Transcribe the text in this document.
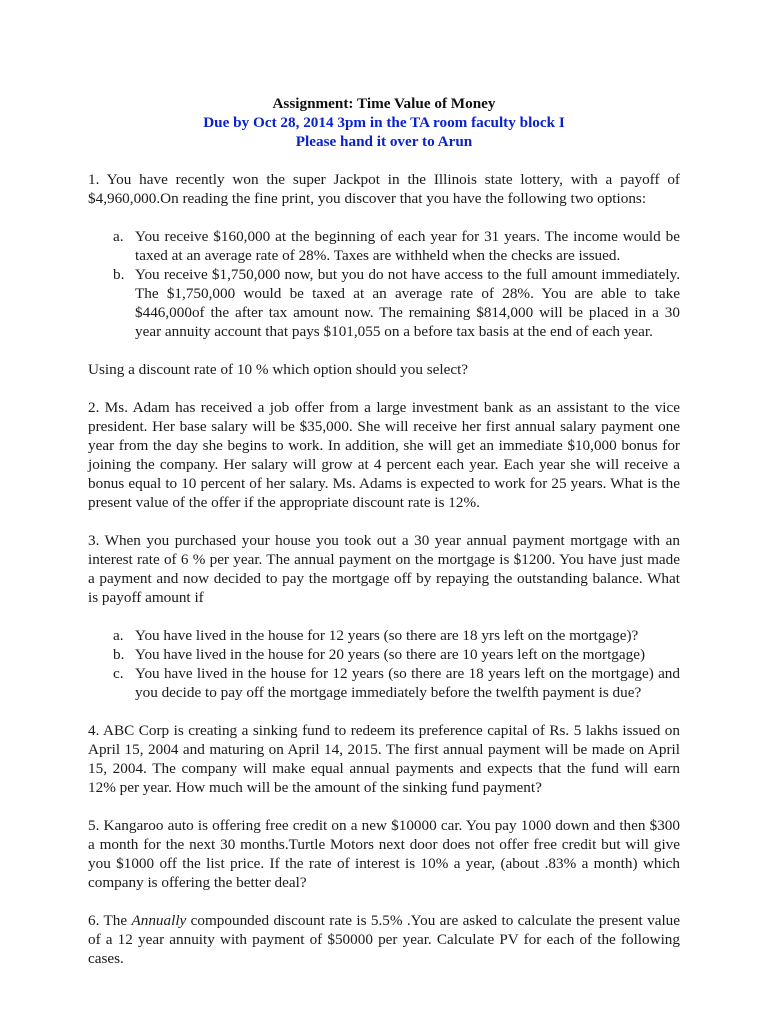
Assignment: Time Value of Money
Due by Oct 28, 2014 3pm in the TA room faculty block I
Please hand it over to Arun

1. You have recently won the super Jackpot in the Illinois state lottery, with a payoff of $4,960,000.On reading the fine print, you discover that you have the following two options:

a. You receive $160,000 at the beginning of each year for 31 years. The income would be taxed at an average rate of 28%. Taxes are withheld when the checks are issued.
b. You receive $1,750,000 now, but you do not have access to the full amount immediately. The $1,750,000 would be taxed at an average rate of 28%. You are able to take $446,000of the after tax amount now. The remaining $814,000 will be placed in a 30 year annuity account that pays $101,055 on a before tax basis at the end of each year.

Using a discount rate of 10 % which option should you select?

2. Ms. Adam has received a job offer from a large investment bank as an assistant to the vice president. Her base salary will be $35,000. She will receive her first annual salary payment one year from the day she begins to work. In addition, she will get an immediate $10,000 bonus for joining the company. Her salary will grow at 4 percent each year. Each year she will receive a bonus equal to 10 percent of her salary. Ms. Adams is expected to work for 25 years. What is the present value of the offer if the appropriate discount rate is 12%.

3. When you purchased your house you took out a 30 year annual payment mortgage with an interest rate of 6 % per year. The annual payment on the mortgage is $1200. You have just made a payment and now decided to pay the mortgage off by repaying the outstanding balance. What is payoff amount if

a. You have lived in the house for 12 years (so there are 18 yrs left on the mortgage)?
b. You have lived in the house for 20 years (so there are 10 years left on the mortgage)
c. You have lived in the house for 12 years (so there are 18 years left on the mortgage) and you decide to pay off the mortgage immediately before the twelfth payment is due?

4. ABC Corp is creating a sinking fund to redeem its preference capital of Rs. 5 lakhs issued on April 15, 2004 and maturing on April 14, 2015. The first annual payment will be made on April 15, 2004. The company will make equal annual payments and expects that the fund will earn 12% per year. How much will be the amount of the sinking fund payment?

5. Kangaroo auto is offering free credit on a new $10000 car. You pay 1000 down and then $300 a month for the next 30 months.Turtle Motors next door does not offer free credit but will give you $1000 off the list price. If the rate of interest is 10% a year, (about .83% a month) which company is offering the better deal?

6. The Annually compounded discount rate is 5.5% .You are asked to calculate the present value of a 12 year annuity with payment of $50000 per year. Calculate PV for each of the following cases.
